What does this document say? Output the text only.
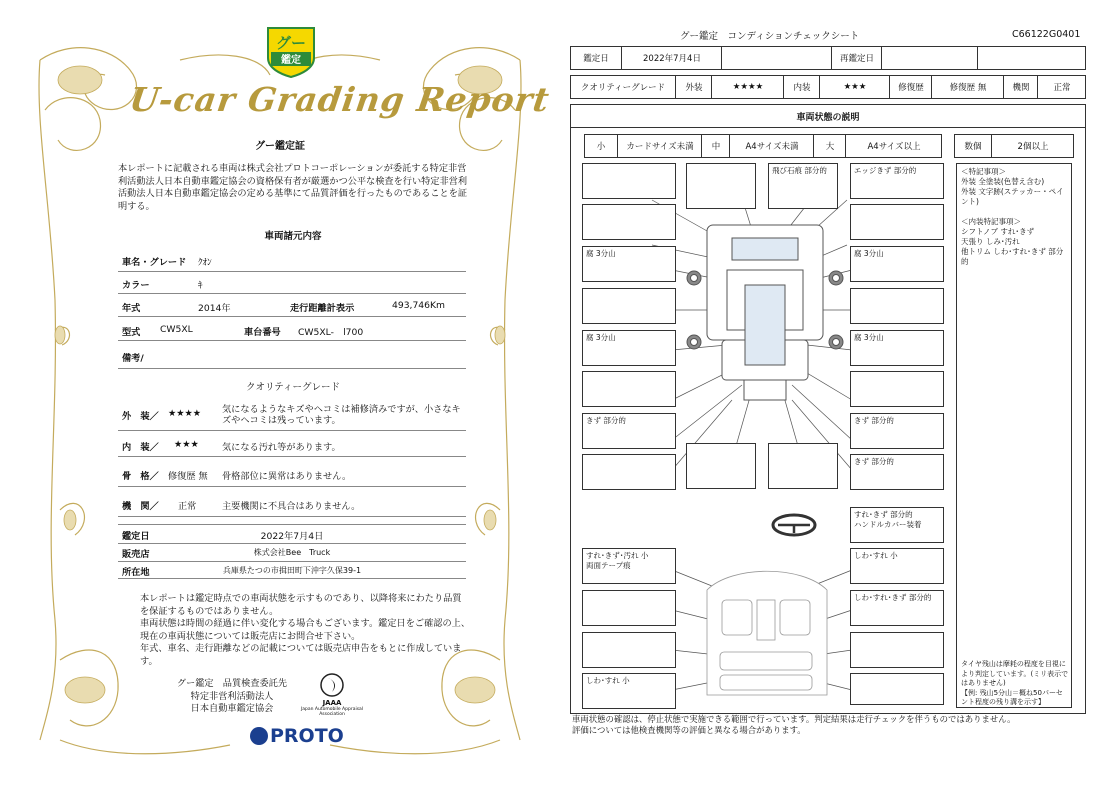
グー
鑑定
U-car Grading Report
グー鑑定証
本レポートに記載される車両は株式会社プロトコーポレーションが委託する特定非営利活動法人日本自動車鑑定協会の資格保有者が厳選かつ公平な検査を行い特定非営利活動法人日本自動車鑑定協会の定める基準にて品質評価を行ったものであることを証明する。
車両諸元内容
車名・グレード ｸｵﾝ
カラー	ｷ
年式	2014年	走行距離計表示	493,746Km
型式 CW5XL	車台番号 CW5XL-　l700
備考/
クオリティーグレード
外　装／ ★★★★ 気になるようなキズやヘコミは補修済みですが、小さなキズやヘコミは残っています。
内　装／ ★★★	気になる汚れ等があります。
骨　格／ 修復歴 無 骨格部位に異常はありません。
機　関／ 正常	主要機関に不具合はありません。
鑑定日	2022年7月4日
販売店	株式会社Bee　Truck
所在地	兵庫県たつの市揖田町下沖字久保39-1
本レポートは鑑定時点での車両状態を示すものであり、以降将来にわたり品質を保証するものではありません。
車両状態は時間の経過に伴い変化する場合もございます。鑑定日をご確認の上、現在の車両状態については販売店にお問合せ下さい。
年式、車名、走行距離などの記載については販売店申告をもとに作成しています。
グー鑑定　品質検査委託先
特定非営利活動法人
日本自動車鑑定協会	JAAA
Japan Automobile Appraisal Association
PROTO
グー鑑定　コンディションチェックシート	C66122G0401
鑑定日	2022年7月4日	再鑑定日
クオリティーグレード	外装	★★★★	内装	★★★	修復歴	修復歴 無	機関	正常
車両状態の説明
小	カードサイズ未満	中	A4サイズ未満	大	A4サイズ以上	数個	2個以上
＜特記事項＞
外装 全塗装(色替え含む)
外装 文字跡(ステッカー・ペイント)

＜内装特記事項＞
シフトノブ すれ･きず
天張り しみ･汚れ
他トリム しわ･すれ･きず 部分的
タイヤ残山は摩耗の程度を目視により判定しています。(ミリ表示ではありません)
【例: 残山5分山＝概ね50パーセント程度の残り溝を示す】
腐 3分山
腐 3分山
きず 部分的
飛び石痕 部分的	エッジきず 部分的
腐 3分山
腐 3分山
きず 部分的
きず 部分的
すれ･きず 部分的
ハンドルカバー装着
すれ･きず･汚れ 小
両面テープ痕
しわ･すれ 小
しわ･すれ 小
しわ･すれ･きず 部分的
車両状態の確認は、停止状態で実施できる範囲で行っています。判定結果は走行チェックを伴うものではありません。
評価については他検査機関等の評価と異なる場合があります。
